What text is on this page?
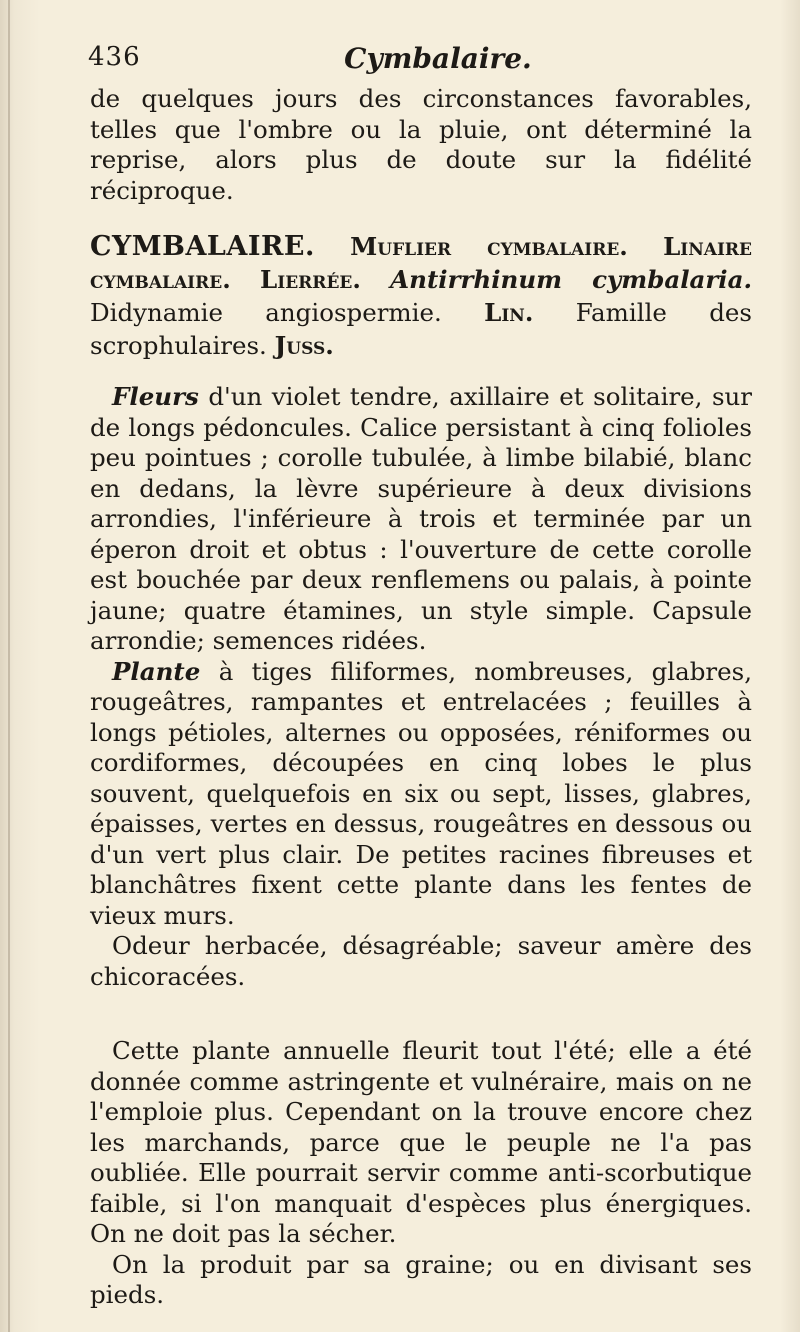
436	Cymbalaire.

de quelques jours des circonstances favorables, telles que l'ombre ou la pluie, ont déterminé la reprise, alors plus de doute sur la fidélité réciproque.

CYMBALAIRE. Muflier cymbalaire. Linaire cymbalaire. Lierrée. Antirrhinum cymbalaria. Didynamie angiospermie. Lin. Famille des scrophulaires. Juss.

Fleurs d'un violet tendre, axillaire et solitaire, sur de longs pédoncules. Calice persistant à cinq folioles peu pointues ; corolle tubulée, à limbe bilabié, blanc en dedans, la lèvre supérieure à deux divisions arrondies, l'inférieure à trois et terminée par un éperon droit et obtus : l'ouverture de cette corolle est bouchée par deux renflemens ou palais, à pointe jaune; quatre étamines, un style simple. Capsule arrondie; semences ridées.

Plante à tiges filiformes, nombreuses, glabres, rougeâtres, rampantes et entrelacées ; feuilles à longs pétioles, alternes ou opposées, réniformes ou cordiformes, découpées en cinq lobes le plus souvent, quelquefois en six ou sept, lisses, glabres, épaisses, vertes en dessus, rougeâtres en dessous ou d'un vert plus clair. De petites racines fibreuses et blanchâtres fixent cette plante dans les fentes de vieux murs.

Odeur herbacée, désagréable; saveur amère des chicoracées.

Cette plante annuelle fleurit tout l'été; elle a été donnée comme astringente et vulnéraire, mais on ne l'emploie plus. Cependant on la trouve encore chez les marchands, parce que le peuple ne l'a pas oubliée. Elle pourrait servir comme anti-scorbutique faible, si l'on manquait d'espèces plus énergiques. On ne doit pas la sécher.

On la produit par sa graine; ou en divisant ses pieds.
